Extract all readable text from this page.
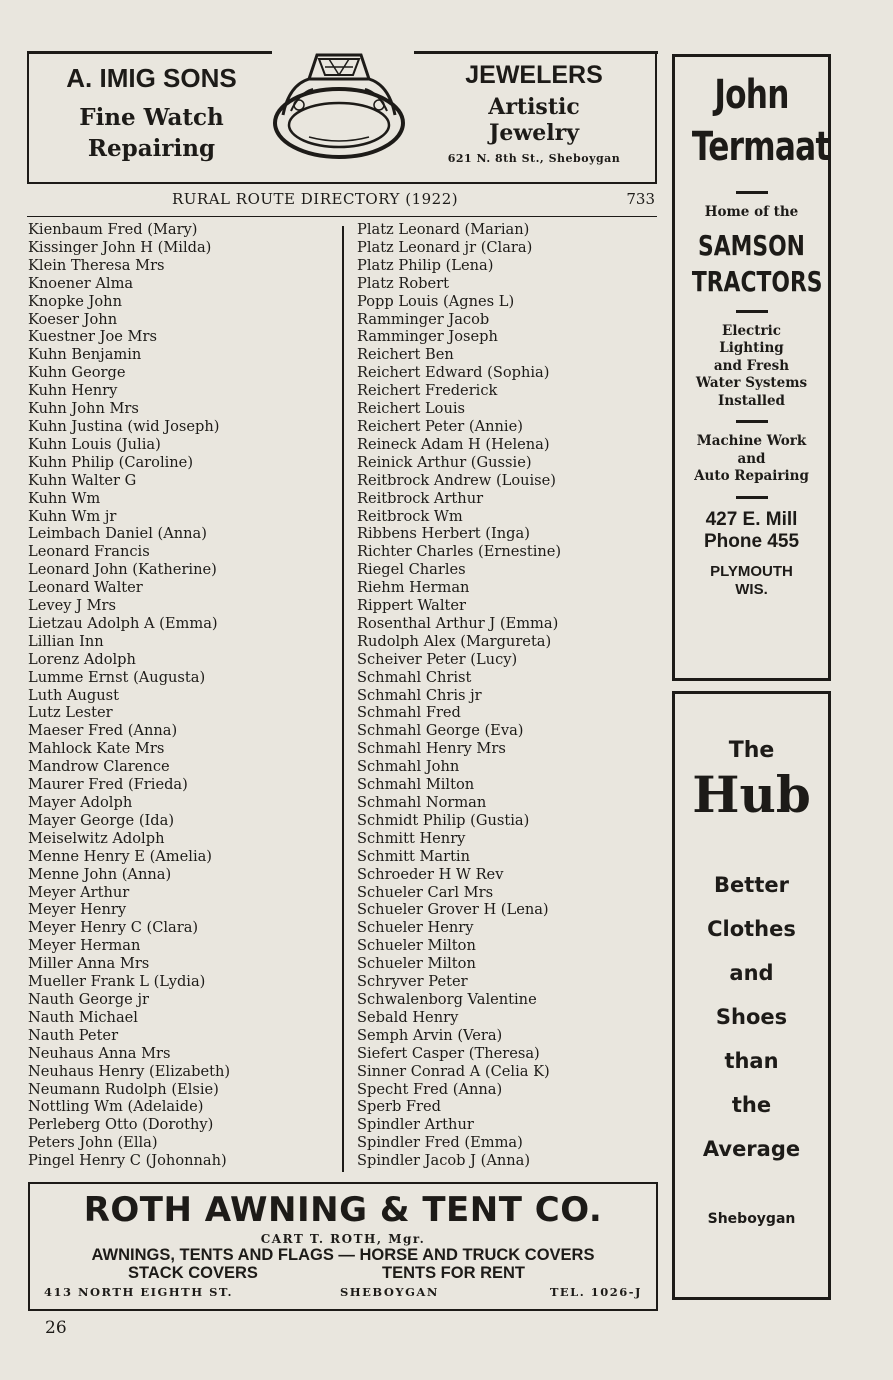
A. IMIG SONS
Fine Watch
Repairing
JEWELERS
Artistic
Jewelry
621 N. 8th St., Sheboygan
RURAL ROUTE DIRECTORY (1922)	733
Kienbaum Fred (Mary)
Kissinger John H (Milda)
Klein Theresa Mrs
Knoener Alma
Knopke John
Koeser John
Kuestner Joe Mrs
Kuhn Benjamin
Kuhn George
Kuhn Henry
Kuhn John Mrs
Kuhn Justina (wid Joseph)
Kuhn Louis (Julia)
Kuhn Philip (Caroline)
Kuhn Walter G
Kuhn Wm
Kuhn Wm jr
Leimbach Daniel (Anna)
Leonard Francis
Leonard John (Katherine)
Leonard Walter
Levey J Mrs
Lietzau Adolph A (Emma)
Lillian Inn
Lorenz Adolph
Lumme Ernst (Augusta)
Luth August
Lutz Lester
Maeser Fred (Anna)
Mahlock Kate Mrs
Mandrow Clarence
Maurer Fred (Frieda)
Mayer Adolph
Mayer George (Ida)
Meiselwitz Adolph
Menne Henry E (Amelia)
Menne John (Anna)
Meyer Arthur
Meyer Henry
Meyer Henry C (Clara)
Meyer Herman
Miller Anna Mrs
Mueller Frank L (Lydia)
Nauth George jr
Nauth Michael
Nauth Peter
Neuhaus Anna Mrs
Neuhaus Henry (Elizabeth)
Neumann Rudolph (Elsie)
Nottling Wm (Adelaide)
Perleberg Otto (Dorothy)
Peters John (Ella)
Pingel Henry C (Johonnah)
Platz Leonard (Marian)
Platz Leonard jr (Clara)
Platz Philip (Lena)
Platz Robert
Popp Louis (Agnes L)
Ramminger Jacob
Ramminger Joseph
Reichert Ben
Reichert Edward (Sophia)
Reichert Frederick
Reichert Louis
Reichert Peter (Annie)
Reineck Adam H (Helena)
Reinick Arthur (Gussie)
Reitbrock Andrew (Louise)
Reitbrock Arthur
Reitbrock Wm
Ribbens Herbert (Inga)
Richter Charles (Ernestine)
Riegel Charles
Riehm Herman
Rippert Walter
Rosenthal Arthur J (Emma)
Rudolph Alex (Margureta)
Scheiver Peter (Lucy)
Schmahl Christ
Schmahl Chris jr
Schmahl Fred
Schmahl George (Eva)
Schmahl Henry Mrs
Schmahl John
Schmahl Milton
Schmahl Norman
Schmidt Philip (Gustia)
Schmitt Henry
Schmitt Martin
Schroeder H W Rev
Schueler Carl Mrs
Schueler Grover H (Lena)
Schueler Henry
Schueler Milton
Schueler Milton
Schryver Peter
Schwalenborg Valentine
Sebald Henry
Semph Arvin (Vera)
Siefert Casper (Theresa)
Sinner Conrad A (Celia K)
Specht Fred (Anna)
Sperb Fred
Spindler Arthur
Spindler Fred (Emma)
Spindler Jacob J (Anna)
ROTH AWNING & TENT CO.
CART T. ROTH, Mgr.
AWNINGS, TENTS AND FLAGS — HORSE AND TRUCK COVERS
STACK COVERS	TENTS FOR RENT
413 NORTH EIGHTH ST.	SHEBOYGAN	TEL. 1026-J
26
John
Termaat
Home of the
SAMSON
TRACTORS
Electric
Lighting
and Fresh
Water Systems
Installed
Machine Work
and
Auto Repairing
427 E. Mill
Phone 455
PLYMOUTH
WIS.
The
Hub
Better
Clothes
and
Shoes
than
the
Average
Sheboygan
